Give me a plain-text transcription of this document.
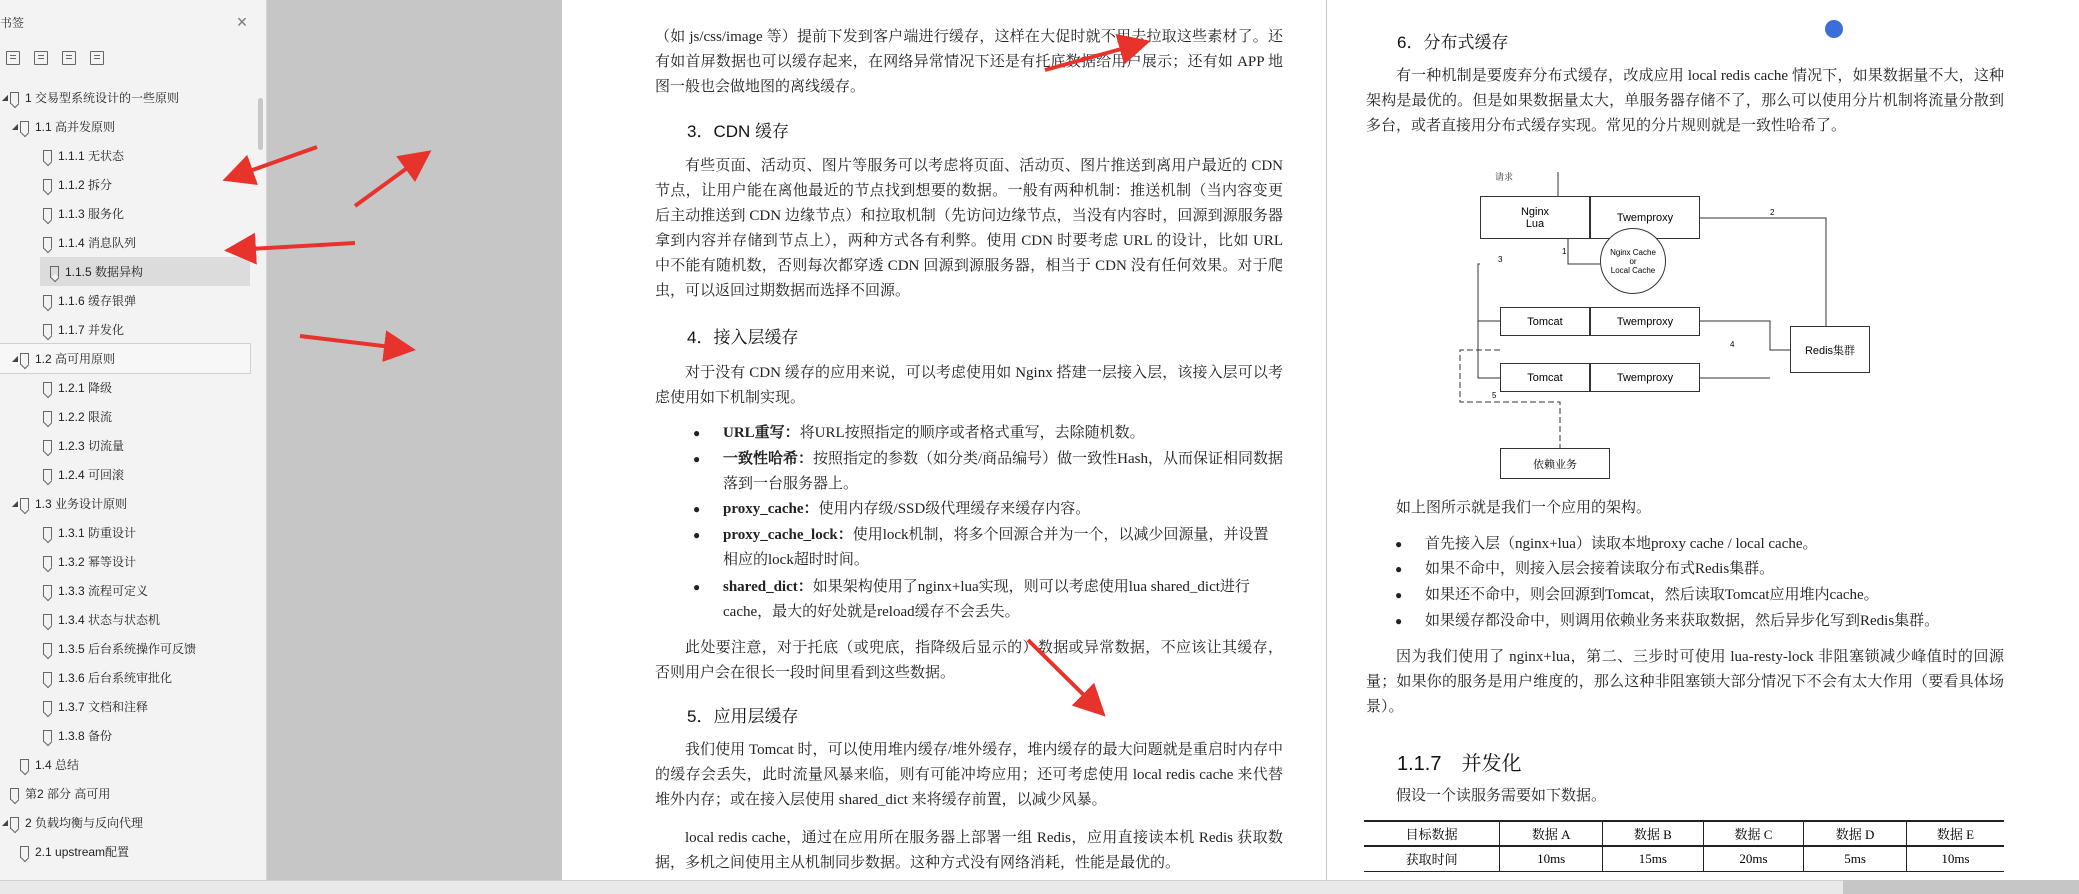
书签	×
◢ 1 交易型系统设计的一些原则
◢ 1.1 高并发原则
1.1.1 无状态
1.1.2 拆分
1.1.3 服务化
1.1.4 消息队列
1.1.5 数据异构
1.1.6 缓存银弹
1.1.7 并发化
◢ 1.2 高可用原则
1.2.1 降级
1.2.2 限流
1.2.3 切流量
1.2.4 可回滚
◢ 1.3 业务设计原则
1.3.1 防重设计
1.3.2 幂等设计
1.3.3 流程可定义
1.3.4 状态与状态机
1.3.5 后台系统操作可反馈
1.3.6 后台系统审批化
1.3.7 文档和注释
1.3.8 备份
1.4 总结
第2 部分 高可用
◢ 2 负载均衡与反向代理
2.1 upstream配置
（如 js/css/image 等）提前下发到客户端进行缓存，这样在大促时就不用去拉取这些素材了。还有如首屏数据也可以缓存起来，在网络异常情况下还是有托底数据给用户展示；还有如 APP 地图一般也会做地图的离线缓存。
3．CDN 缓存
有些页面、活动页、图片等服务可以考虑将页面、活动页、图片推送到离用户最近的 CDN 节点，让用户能在离他最近的节点找到想要的数据。一般有两种机制：推送机制（当内容变更后主动推送到 CDN 边缘节点）和拉取机制（先访问边缘节点，当没有内容时，回源到源服务器拿到内容并存储到节点上），两种方式各有利弊。使用 CDN 时要考虑 URL 的设计，比如 URL 中不能有随机数，否则每次都穿透 CDN 回源到源服务器，相当于 CDN 没有任何效果。对于爬虫，可以返回过期数据而选择不回源。
4．接入层缓存
对于没有 CDN 缓存的应用来说，可以考虑使用如 Nginx 搭建一层接入层，该接入层可以考虑使用如下机制实现。
● URL重写：将URL按照指定的顺序或者格式重写，去除随机数。
● 一致性哈希：按照指定的参数（如分类/商品编号）做一致性Hash，从而保证相同数据落到一台服务器上。
● proxy_cache：使用内存级/SSD级代理缓存来缓存内容。
● proxy_cache_lock：使用lock机制，将多个回源合并为一个，以减少回源量，并设置相应的lock超时时间。
● shared_dict：如果架构使用了nginx+lua实现，则可以考虑使用lua shared_dict进行cache，最大的好处就是reload缓存不会丢失。
此处要注意，对于托底（或兜底，指降级后显示的）数据或异常数据，不应该让其缓存，否则用户会在很长一段时间里看到这些数据。
5．应用层缓存
我们使用 Tomcat 时，可以使用堆内缓存/堆外缓存，堆内缓存的最大问题就是重启时内存中的缓存会丢失，此时流量风暴来临，则有可能冲垮应用；还可考虑使用 local redis cache 来代替堆外内存；或在接入层使用 shared_dict 来将缓存前置，以减少风暴。
local redis cache，通过在应用所在服务器上部署一组 Redis，应用直接读本机 Redis 获取数据，多机之间使用主从机制同步数据。这种方式没有网络消耗，性能是最优的。
6．分布式缓存
有一种机制是要废弃分布式缓存，改成应用 local redis cache 情况下，如果数据量不大，这种架构是最优的。但是如果数据量太大，单服务器存储不了，那么可以使用分片机制将流量分散到多台，或者直接用分布式缓存实现。常见的分片规则就是一致性哈希了。
请求
Nginx
Lua	Twemproxy
Nginx Cache
or
Local Cache
Tomcat	Twemproxy
Tomcat	Twemproxy
Redis集群
依赖业务
2
1
3
4
5
如上图所示就是我们一个应用的架构。
● 首先接入层（nginx+lua）读取本地proxy cache / local cache。
● 如果不命中，则接入层会接着读取分布式Redis集群。
● 如果还不命中，则会回源到Tomcat，然后读取Tomcat应用堆内cache。
● 如果缓存都没命中，则调用依赖业务来获取数据，然后异步化写到Redis集群。
因为我们使用了 nginx+lua，第二、三步时可使用 lua-resty-lock 非阻塞锁减少峰值时的回源量；如果你的服务是用户维度的，那么这种非阻塞锁大部分情况下不会有太大作用（要看具体场景）。
1.1.7　并发化
假设一个读服务需要如下数据。
目标数据	数据 A	数据 B	数据 C	数据 D	数据 E
获取时间	10ms	15ms	20ms	5ms	10ms
